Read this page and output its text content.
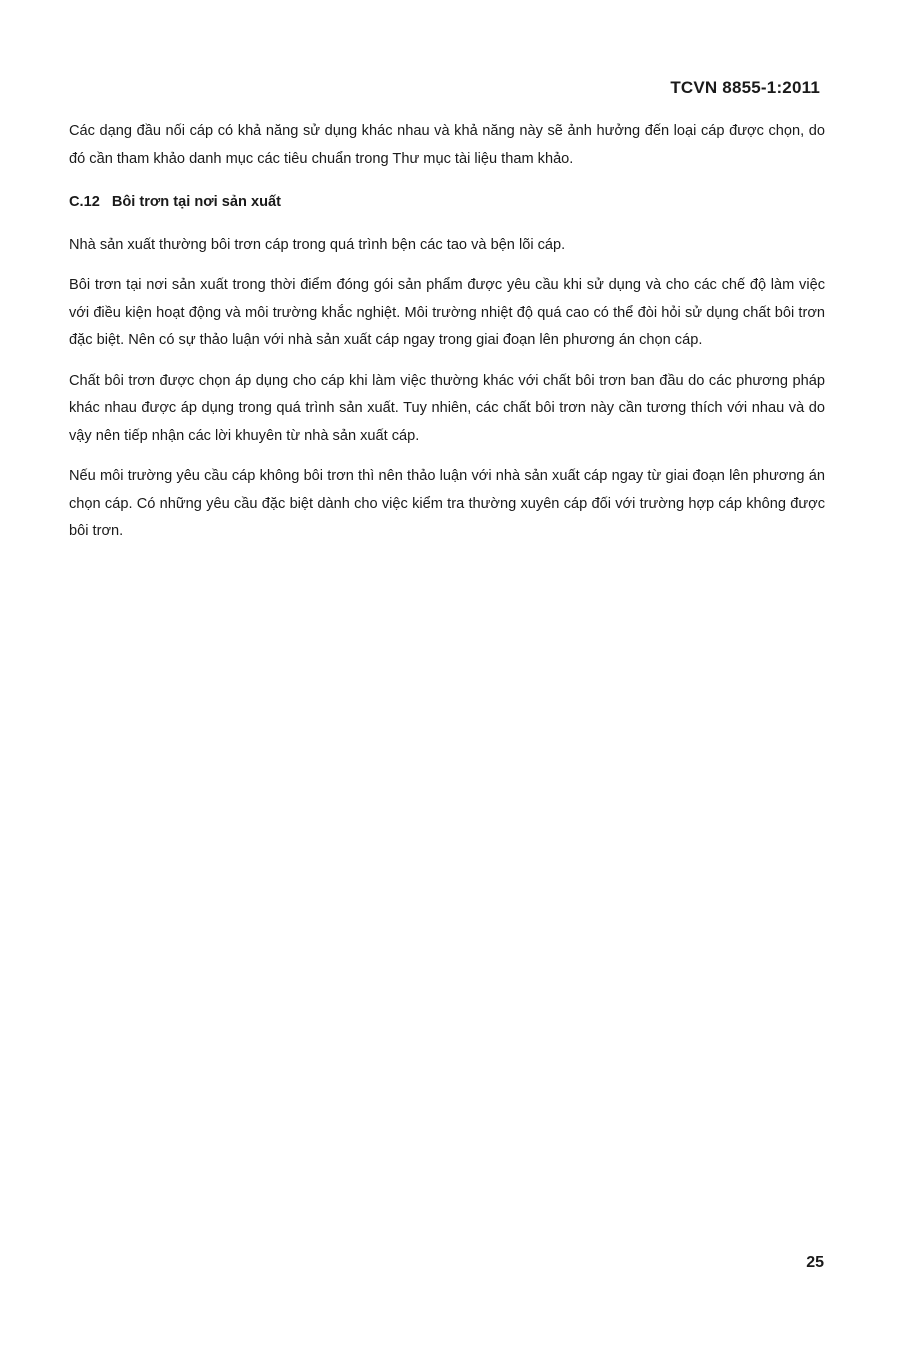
TCVN 8855-1:2011

Các dạng đầu nối cáp có khả năng sử dụng khác nhau và khả năng này sẽ ảnh hưởng đến loại cáp được chọn, do đó cần tham khảo danh mục các tiêu chuẩn trong Thư mục tài liệu tham khảo.

C.12 Bôi trơn tại nơi sản xuất

Nhà sản xuất thường bôi trơn cáp trong quá trình bện các tao và bện lõi cáp.

Bôi trơn tại nơi sản xuất trong thời điểm đóng gói sản phẩm được yêu cầu khi sử dụng và cho các chế độ làm việc với điều kiện hoạt động và môi trường khắc nghiệt. Môi trường nhiệt độ quá cao có thể đòi hỏi sử dụng chất bôi trơn đặc biệt. Nên có sự thảo luận với nhà sản xuất cáp ngay trong giai đoạn lên phương án chọn cáp.

Chất bôi trơn được chọn áp dụng cho cáp khi làm việc thường khác với chất bôi trơn ban đầu do các phương pháp khác nhau được áp dụng trong quá trình sản xuất. Tuy nhiên, các chất bôi trơn này cần tương thích với nhau và do vậy nên tiếp nhận các lời khuyên từ nhà sản xuất cáp.

Nếu môi trường yêu cầu cáp không bôi trơn thì nên thảo luận với nhà sản xuất cáp ngay từ giai đoạn lên phương án chọn cáp. Có những yêu cầu đặc biệt dành cho việc kiểm tra thường xuyên cáp đối với trường hợp cáp không được bôi trơn.

25
